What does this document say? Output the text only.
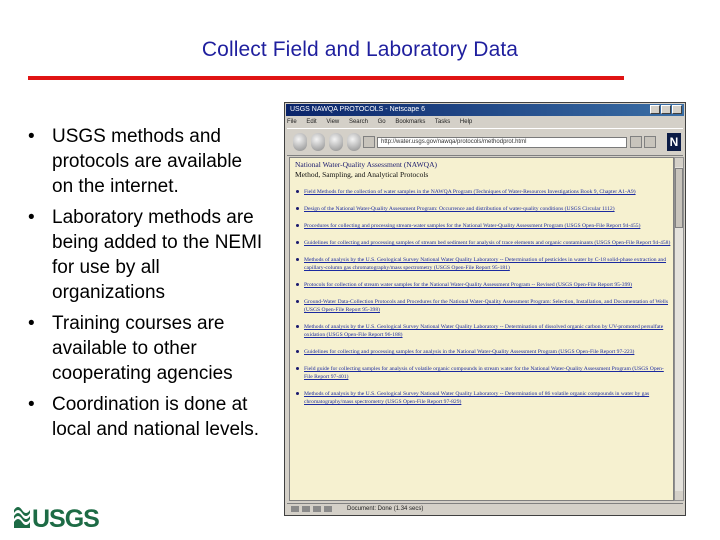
Collect Field and Laboratory Data
• USGS methods and protocols are available on the internet.
• Laboratory methods are being added to the NEMI for use by all organizations
• Training courses are available to other cooperating agencies
• Coordination is done at local and national levels.
USGS
USGS NAWQA PROTOCOLS - Netscape 6
File Edit View Search Go Bookmarks Tasks Help
http://water.usgs.gov/nawqa/protocols/methodprot.html	N
National Water-Quality Assessment (NAWQA)
Method, Sampling, and Analytical Protocols
Field Methods for the collection of water samples in the NAWQA Program (Techniques of Water-Resources Investigations Book 9, Chapter A1-A9)
Design of the National Water-Quality Assessment Program: Occurrence and distribution of water-quality conditions (USGS Circular 1112)
Procedures for collecting and processing stream-water samples for the National Water-Quality Assessment Program (USGS Open-File Report 94-455)
Guidelines for collecting and processing samples of stream bed sediment for analysis of trace elements and organic contaminants (USGS Open-File Report 94-458)
Methods of analysis by the U.S. Geological Survey National Water Quality Laboratory -- Determination of pesticides in water by C-18 solid-phase extraction and capillary-column gas chromatography/mass spectrometry (USGS Open-File Report 95-181)
Protocols for collection of stream water samples for the National Water-Quality Assessment Program -- Revised (USGS Open-File Report 95-399)
Ground-Water Data-Collection Protocols and Procedures for the National Water-Quality Assessment Program: Selection, Installation, and Documentation of Wells (USGS Open-File Report 95-398)
Methods of analysis by the U.S. Geological Survey National Water Quality Laboratory -- Determination of dissolved organic carbon by UV-promoted persulfate oxidation (USGS Open-File Report 96-188)
Guidelines for collecting and processing samples for analysis in the National Water-Quality Assessment Program (USGS Open-File Report 97-223)
Field guide for collecting samples for analysis of volatile organic compounds in stream water for the National Water-Quality Assessment Program (USGS Open-File Report 97-401)
Methods of analysis by the U.S. Geological Survey National Water Quality Laboratory -- Determination of 86 volatile organic compounds in water by gas chromatography/mass spectrometry (USGS Open-File Report 97-829)
Document: Done (1.34 secs)
